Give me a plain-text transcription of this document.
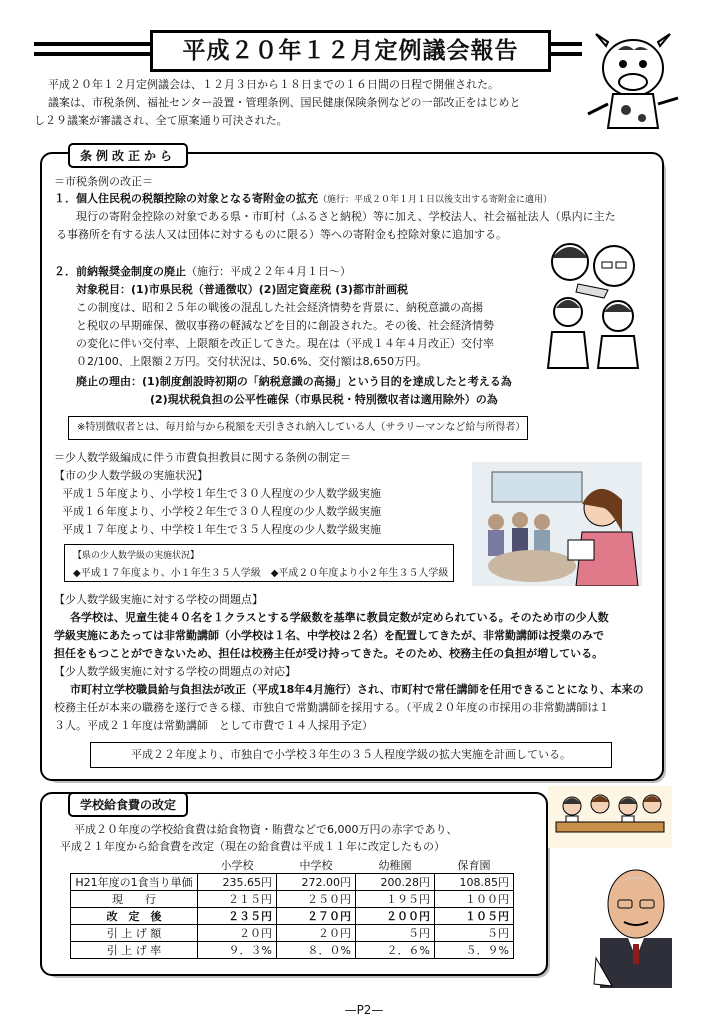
平成２０年１２月定例議会報告
平成２０年１２月定例議会は、１２月３日から１８日までの１６日間の日程で開催された。
議案は、市税条例、福祉センター設置・管理条例、国民健康保険条例などの一部改正をはじめと
し２９議案が審議され、全て原案通り可決された。
条例改正から
＝市税条例の改正＝
１．個人住民税の税額控除の対象となる寄附金の拡充（施行：平成２０年１月１日以後支出する寄附金に適用）
現行の寄附金控除の対象である県・市町村（ふるさと納税）等に加え、学校法人、社会福祉法人（県内に主た
る事務所を有する法人又は団体に対するものに限る）等への寄附金も控除対象に追加する。
２．前納報奨金制度の廃止（施行：平成２２年４月１日〜）
対象税目：(1)市県民税（普通徴収）(2)固定資産税 (3)都市計画税
この制度は、昭和２５年の戦後の混乱した社会経済情勢を背景に、納税意識の高揚
と税収の早期確保、徴収事務の軽減などを目的に創設された。その後、社会経済情勢
の変化に伴い交付率、上限額を改正してきた。現在は（平成１４年４月改正）交付率
０2/100、上限額２万円。交付状況は、50.6%、交付額は8,650万円。
廃止の理由：(1)制度創設時初期の「納税意識の高揚」という目的を達成したと考える為
(2)現状税負担の公平性確保（市県民税・特別徴収者は適用除外）の為
※特別徴収者とは、毎月給与から税額を天引きされ納入している人（サラリーマンなど給与所得者）
＝少人数学級編成に伴う市費負担教員に関する条例の制定＝
【市の少人数学級の実施状況】
平成１５年度より、小学校１年生で３０人程度の少人数学級実施
平成１６年度より、小学校２年生で３０人程度の少人数学級実施
平成１７年度より、中学校１年生で３５人程度の少人数学級実施
【県の少人数学級の実施状況】
◆平成１７年度より、小１年生３５人学級　◆平成２０年度より小２年生３５人学級
【少人数学級実施に対する学校の問題点】
各学校は、児童生徒４０名を１クラスとする学級数を基準に教員定数が定められている。そのため市の少人数
学級実施にあたっては非常勤講師（小学校は１名、中学校は２名）を配置してきたが、非常勤講師は授業のみで
担任をもつことができないため、担任は校務主任が受け持ってきた。そのため、校務主任の負担が増している。
【少人数学級実施に対する学校の問題点の対応】
市町村立学校職員給与負担法が改正（平成18年4月施行）され、市町村で常任講師を任用できることになり、本来の
校務主任が本来の職務を遂行できる様、市独自で常勤講師を採用する。（平成２０年度の市採用の非常勤講師は１
３人。平成２１年度は常勤講師　として市費で１４人採用予定）
平成２２年度より、市独自で小学校３年生の３５人程度学級の拡大実施を計画している。
学校給食費の改定
平成２０年度の学校給食費は給食物資・賄費などで6,000万円の赤字であり、
平成２１年度から給食費を改定（現在の給食費は平成１１年に改定したもの）
	小学校	中学校	幼稚園	保育園
H21年度の1食当り単価	235.65円	272.00円	200.28円	108.85円
現　　行	２１５円	２５０円	１９５円	１００円
改　定　後	２３５円	２７０円	２００円	１０５円
引 上 げ 額	２０円	２０円	５円	５円
引 上 げ 率	９．３%	８．０%	２．６%	５．９%
—P2—
